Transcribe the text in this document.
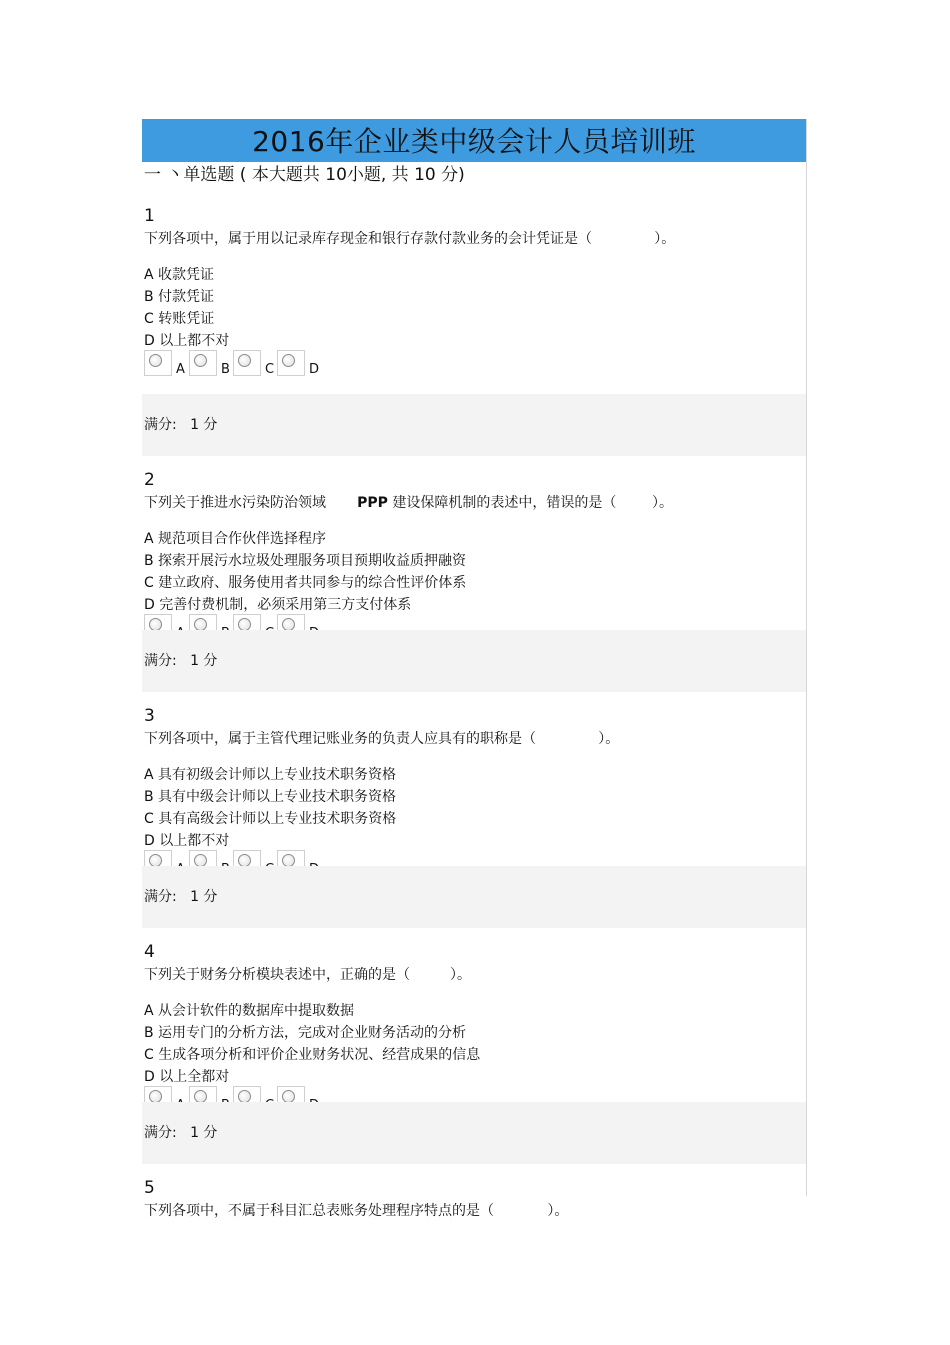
2016年企业类中级会计人员培训班
一 丶单选题 ( 本大题共 10小题, 共 10 分)
1
下列各项中，属于用以记录库存现金和银行存款付款业务的会计凭证是（              ）。
A 收款凭证
B 付款凭证
C 转账凭证
D 以上都不对
A	B	C	D
满分:   1 分
2
下列关于推进水污染防治领域       PPP 建设保障机制的表述中，错误的是（        ）。
A 规范项目合作伙伴选择程序
B 探索开展污水垃圾处理服务项目预期收益质押融资
C 建立政府、服务使用者共同参与的综合性评价体系
D 完善付费机制，必须采用第三方支付体系
满分:   1 分
3
下列各项中，属于主管代理记账业务的负责人应具有的职称是（              ）。
A 具有初级会计师以上专业技术职务资格
B 具有中级会计师以上专业技术职务资格
C 具有高级会计师以上专业技术职务资格
D 以上都不对
满分:   1 分
4
下列关于财务分析模块表述中，正确的是（         ）。
A 从会计软件的数据库中提取数据
B 运用专门的分析方法，完成对企业财务活动的分析
C 生成各项分析和评价企业财务状况、经营成果的信息
D 以上全都对
满分:   1 分
5
下列各项中，不属于科目汇总表账务处理程序特点的是（            ）。
